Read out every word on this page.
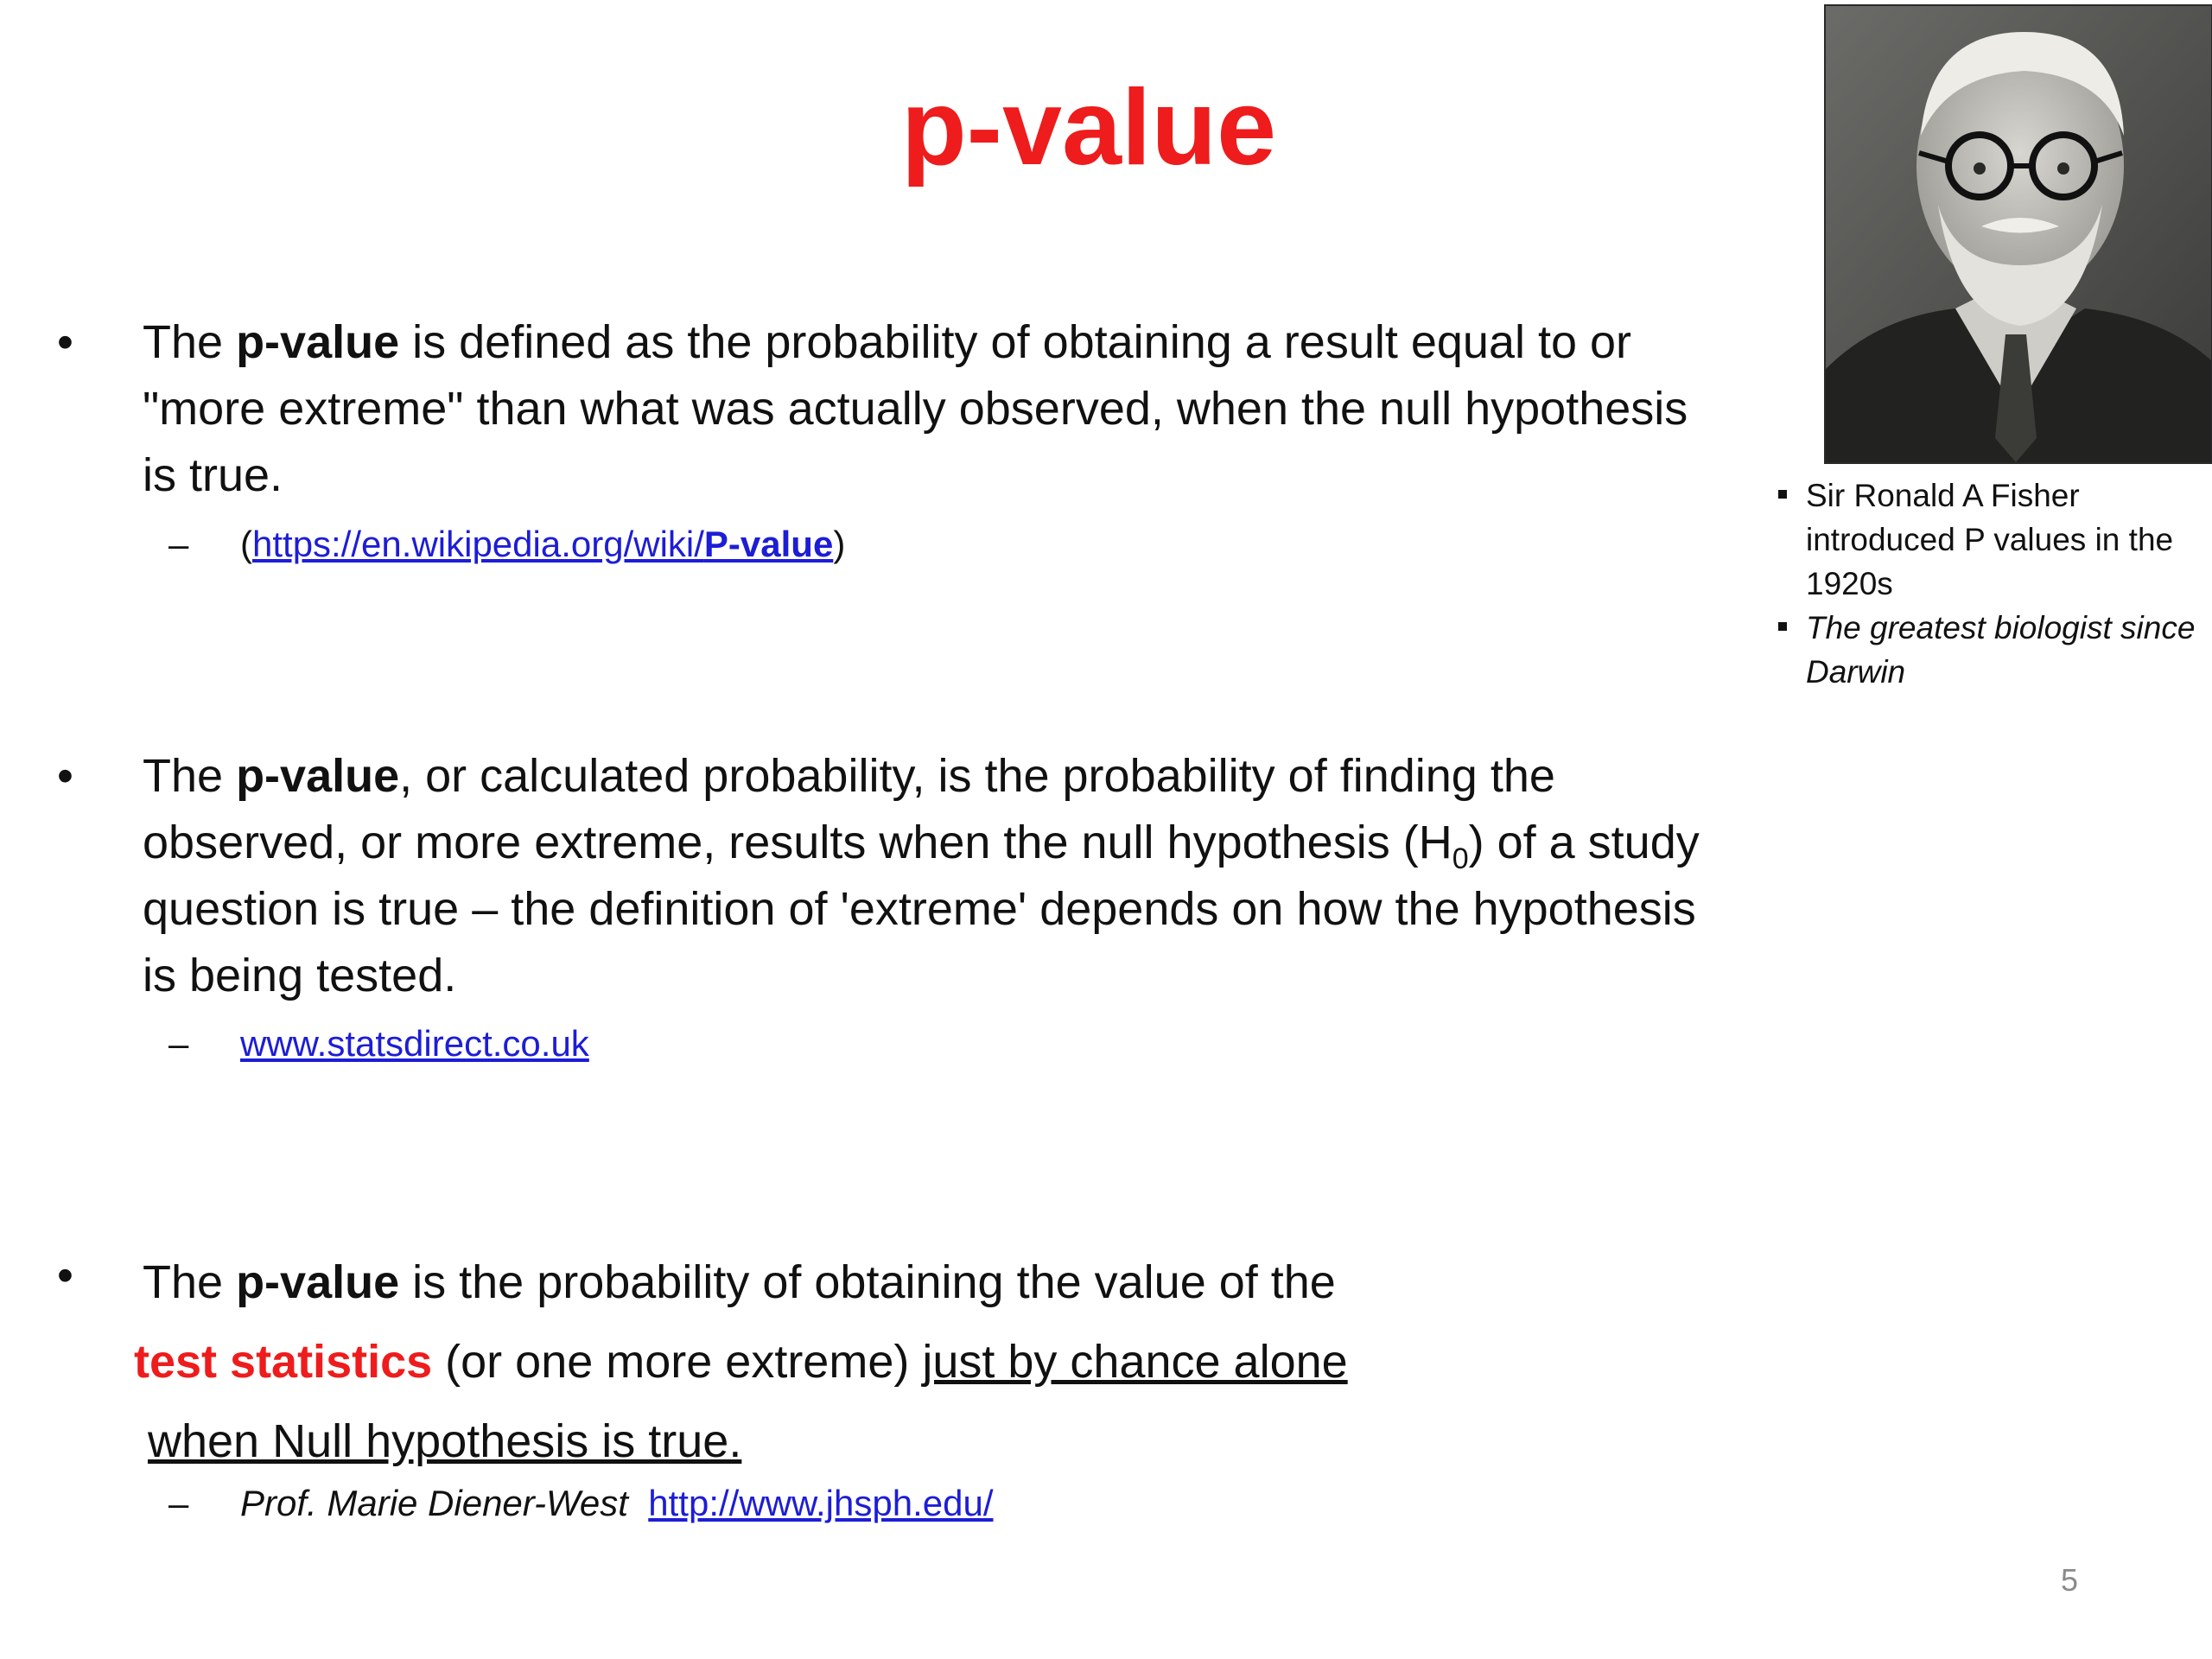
p-value
• The p-value is defined as the probability of obtaining a result equal to or "more extreme" than what was actually observed, when the null hypothesis is true.
– (https://en.wikipedia.org/wiki/P-value)
• The p-value, or calculated probability, is the probability of finding the observed, or more extreme, results when the null hypothesis $(H_0)$ of a study question is true – the definition of 'extreme' depends on how the hypothesis is being tested.
– www.statsdirect.co.uk
• The p-value is the probability of obtaining the value of the
test statistics (or one more extreme) just by chance alone
when Null hypothesis is true.
– Prof. Marie Diener-West http://www.jhsph.edu/
Sir Ronald A Fisher introduced P values in the 1920s
The greatest biologist since Darwin
5
